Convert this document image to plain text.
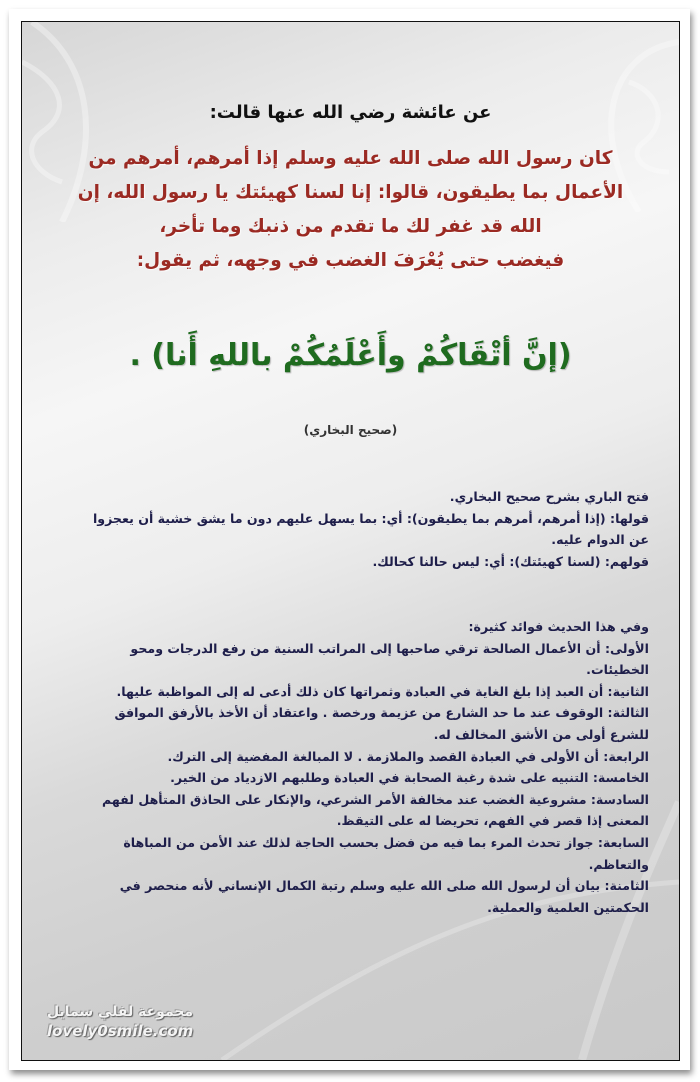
عن عائشة رضي الله عنها قالت:
كان رسول الله صلى الله عليه وسلم إذا أمرهم، أمرهم من
الأعمال بما يطيقون، قالوا: إنا لسنا كهيئتك يا رسول الله، إن
الله قد غفر لك ما تقدم من ذنبك وما تأخر،
فيغضب حتى يُعْرَفَ الغضب في وجهه، ثم يقول:
(إنَّ أتْقَاكُمْ وأَعْلَمُكُمْ باللهِ أَنا) .
(صحيح البخاري)

فتح الباري بشرح صحيح البخاري.

قولها: (إذا أمرهم، أمرهم بما يطيقون): أي: بما يسهل عليهم دون ما يشق خشية أن يعجزوا

عن الدوام عليه.

قولهم: (لسنا كهيئتك): أي: ليس حالنا كحالك.

وفي هذا الحديث فوائد كثيرة:

الأولى: أن الأعمال الصالحة ترقي صاحبها إلى المراتب السنية من رفع الدرجات ومحو

الخطيئات.

الثانية: أن العبد إذا بلغ الغاية في العبادة وثمراتها كان ذلك أدعى له إلى المواظبة عليها.

الثالثة: الوقوف عند ما حد الشارع من عزيمة ورخصة . واعتقاد أن الأخذ بالأرفق الموافق

للشرع أولى من الأشق المخالف له.

الرابعة: أن الأولى في العبادة القصد والملازمة . لا المبالغة المفضية إلى الترك.

الخامسة: التنبيه على شدة رغبة الصحابة في العبادة وطلبهم الازدياد من الخير.

السادسة: مشروعية الغضب عند مخالفة الأمر الشرعي، والإنكار على الحاذق المتأهل لفهم

المعنى إذا قصر في الفهم، تحريضا له على التيقظ.

السابعة: جواز تحدث المرء بما فيه من فضل بحسب الحاجة لذلك عند الأمن من المباهاة

والتعاظم.

الثامنة: بيان أن لرسول الله صلى الله عليه وسلم رتبة الكمال الإنساني لأنه منحصر في

الحكمتين العلمية والعملية.

مجموعة لفلي سمايل
lovely0smile.com
